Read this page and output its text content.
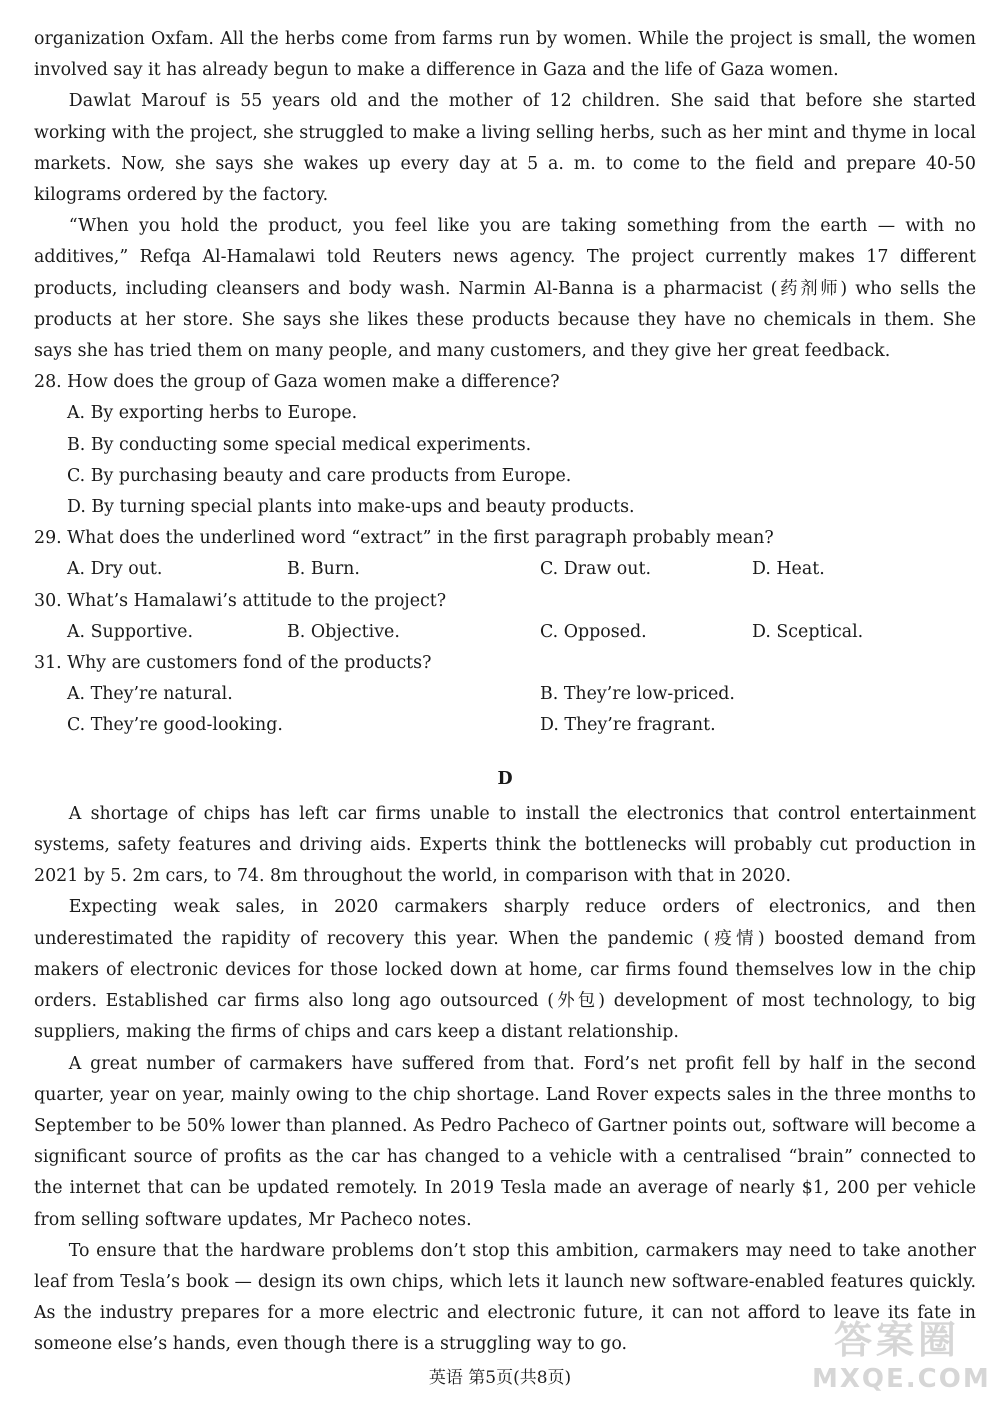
organization Oxfam. All the herbs come from farms run by women. While the project is small, the women involved say it has already begun to make a difference in Gaza and the life of Gaza women.

Dawlat Marouf is 55 years old and the mother of 12 children. She said that before she started working with the project, she struggled to make a living selling herbs, such as her mint and thyme in local markets. Now, she says she wakes up every day at 5 a. m. to come to the field and prepare 40-50 kilograms ordered by the factory.

“When you hold the product, you feel like you are taking something from the earth — with no additives,” Refqa Al-Hamalawi told Reuters news agency. The project currently makes 17 different products, including cleansers and body wash. Narmin Al-Banna is a pharmacist (药剂师) who sells the products at her store. She says she likes these products because they have no chemicals in them. She says she has tried them on many people, and many customers, and they give her great feedback.

28. How does the group of Gaza women make a difference?

A. By exporting herbs to Europe.
B. By conducting some special medical experiments.
C. By purchasing beauty and care products from Europe.
D. By turning special plants into make-ups and beauty products.

29. What does the underlined word “extract” in the first paragraph probably mean?

A. Dry out.	B. Burn.	C. Draw out.	D. Heat.

30. What’s Hamalawi’s attitude to the project?

A. Supportive.	B. Objective.	C. Opposed.	D. Sceptical.

31. Why are customers fond of the products?

A. They’re natural.	B. They’re low-priced.
C. They’re good-looking.	D. They’re fragrant.
D

A shortage of chips has left car firms unable to install the electronics that control entertainment systems, safety features and driving aids. Experts think the bottlenecks will probably cut production in 2021 by 5. 2m cars, to 74. 8m throughout the world, in comparison with that in 2020.

Expecting weak sales, in 2020 carmakers sharply reduce orders of electronics, and then underestimated the rapidity of recovery this year. When the pandemic (疫情) boosted demand from makers of electronic devices for those locked down at home, car firms found themselves low in the chip orders. Established car firms also long ago outsourced (外包) development of most technology, to big suppliers, making the firms of chips and cars keep a distant relationship.

A great number of carmakers have suffered from that. Ford’s net profit fell by half in the second quarter, year on year, mainly owing to the chip shortage. Land Rover expects sales in the three months to September to be 50% lower than planned. As Pedro Pacheco of Gartner points out, software will become a significant source of profits as the car has changed to a vehicle with a centralised “brain” connected to the internet that can be updated remotely. In 2019 Tesla made an average of nearly $1, 200 per vehicle from selling software updates, Mr Pacheco notes.

To ensure that the hardware problems don’t stop this ambition, carmakers may need to take another leaf from Tesla’s book — design its own chips, which lets it launch new software-enabled features quickly. As the industry prepares for a more electric and electronic future, it can not afford to leave its fate in someone else’s hands, even though there is a struggling way to go.

英语 第5页(共8页)
答案圈
MXQE.COM
